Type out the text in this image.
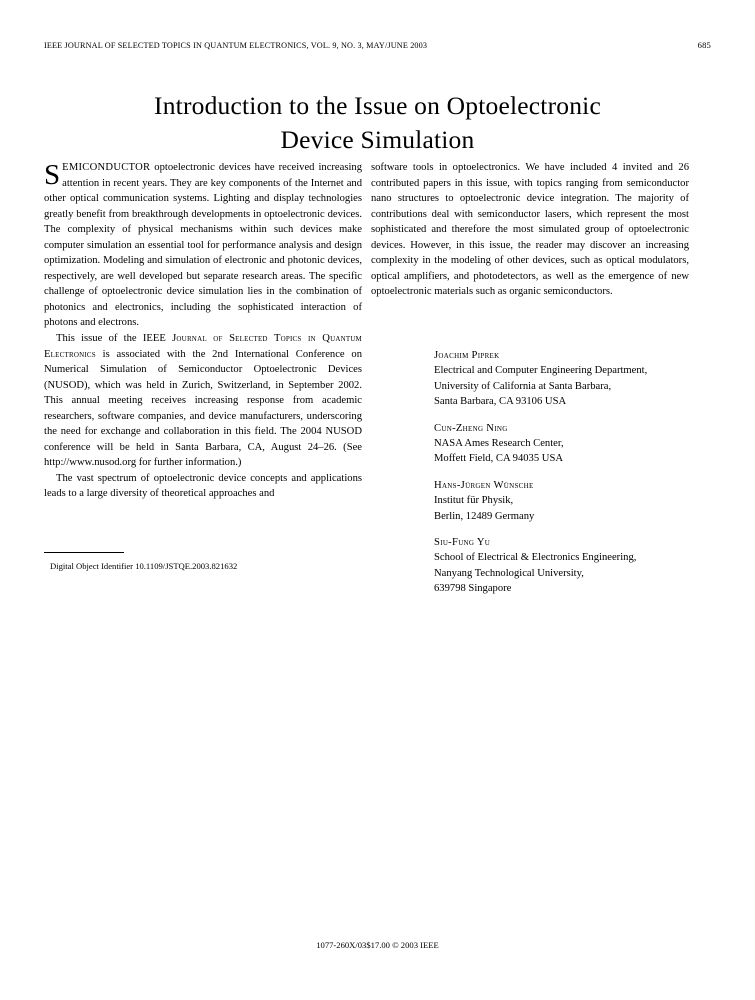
IEEE JOURNAL OF SELECTED TOPICS IN QUANTUM ELECTRONICS, VOL. 9, NO. 3, MAY/JUNE 2003	685
Introduction to the Issue on Optoelectronic
Device Simulation

SEMICONDUCTOR optoelectronic devices have received increasing attention in recent years. They are key components of the Internet and other optical communication systems. Lighting and display technologies greatly benefit from breakthrough developments in optoelectronic devices. The complexity of physical mechanisms within such devices make computer simulation an essential tool for performance analysis and design optimization. Modeling and simulation of electronic and photonic devices, respectively, are well developed but separate research areas. The specific challenge of optoelectronic device simulation lies in the combination of photonics and electronics, including the sophisticated interaction of photons and electrons.

This issue of the IEEE Journal of Selected Topics in Quantum Electronics is associated with the 2nd International Conference on Numerical Simulation of Semiconductor Optoelectronic Devices (NUSOD), which was held in Zurich, Switzerland, in September 2002. This annual meeting receives increasing response from academic researchers, software companies, and device manufacturers, underscoring the need for exchange and collaboration in this field. The 2004 NUSOD conference will be held in Santa Barbara, CA, August 24–26. (See http://www.nusod.org for further information.)

The vast spectrum of optoelectronic device concepts and applications leads to a large diversity of theoretical approaches and

software tools in optoelectronics. We have included 4 invited and 26 contributed papers in this issue, with topics ranging from semiconductor nano structures to optoelectronic device integration. The majority of contributions deal with semiconductor lasers, which represent the most sophisticated and therefore the most simulated group of optoelectronic devices. However, in this issue, the reader may discover an increasing complexity in the modeling of other devices, such as optical modulators, optical amplifiers, and photodetectors, as well as the emergence of new optoelectronic materials such as organic semiconductors.

Digital Object Identifier 10.1109/JSTQE.2003.821632
Joachim Piprek
Electrical and Computer Engineering Department,
University of California at Santa Barbara,
Santa Barbara, CA 93106 USA
Cun-Zheng Ning
NASA Ames Research Center,
Moffett Field, CA 94035 USA
Hans-Jürgen Wünsche
Institut für Physik,
Berlin, 12489 Germany
Siu-Fung Yu
School of Electrical & Electronics Engineering,
Nanyang Technological University,
639798 Singapore
1077-260X/03$17.00 © 2003 IEEE
